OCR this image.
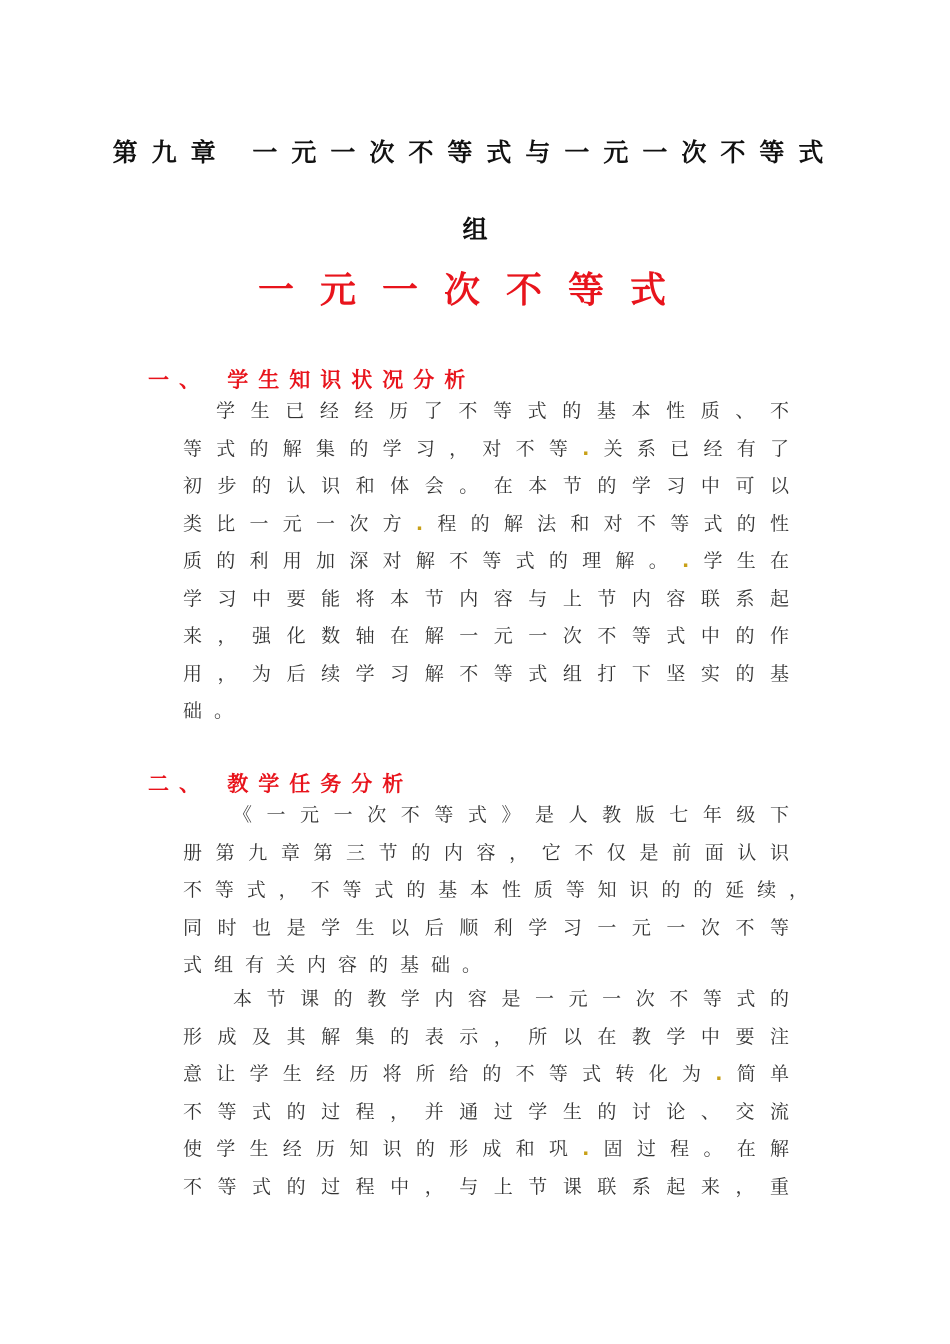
第九章 一元一次不等式与一元一次不等式
组
一元一次不等式
一、 学生知识状况分析
学生已经经历了不等式的基本性质、不
等式的解集的学习，对不等.关系已经有了
初步的认识和体会。在本节的学习中可以
类比一元一次方.程的解法和对不等式的性
质的利用加深对解不等式的理解。.学生在
学习中要能将本节内容与上节内容联系起
来，强化数轴在解一元一次不等式中的作
用，为后续学习解不等式组打下坚实的基
础。
二、 教学任务分析
《一元一次不等式》是人教版七年级下
册第九章第三节的内容，它不仅是前面认识
不等式，不等式的基本性质等知识的的延续，
同时也是学生以后顺利学习一元一次不等
式组有关内容的基础。
本节课的教学内容是一元一次不等式的
形成及其解集的表示，所以在教学中要注
意让学生经历将所给的不等式转化为.简单
不等式的过程，并通过学生的讨论、交流
使学生经历知识的形成和巩.固过程。在解
不等式的过程中，与上节课联系起来，重
